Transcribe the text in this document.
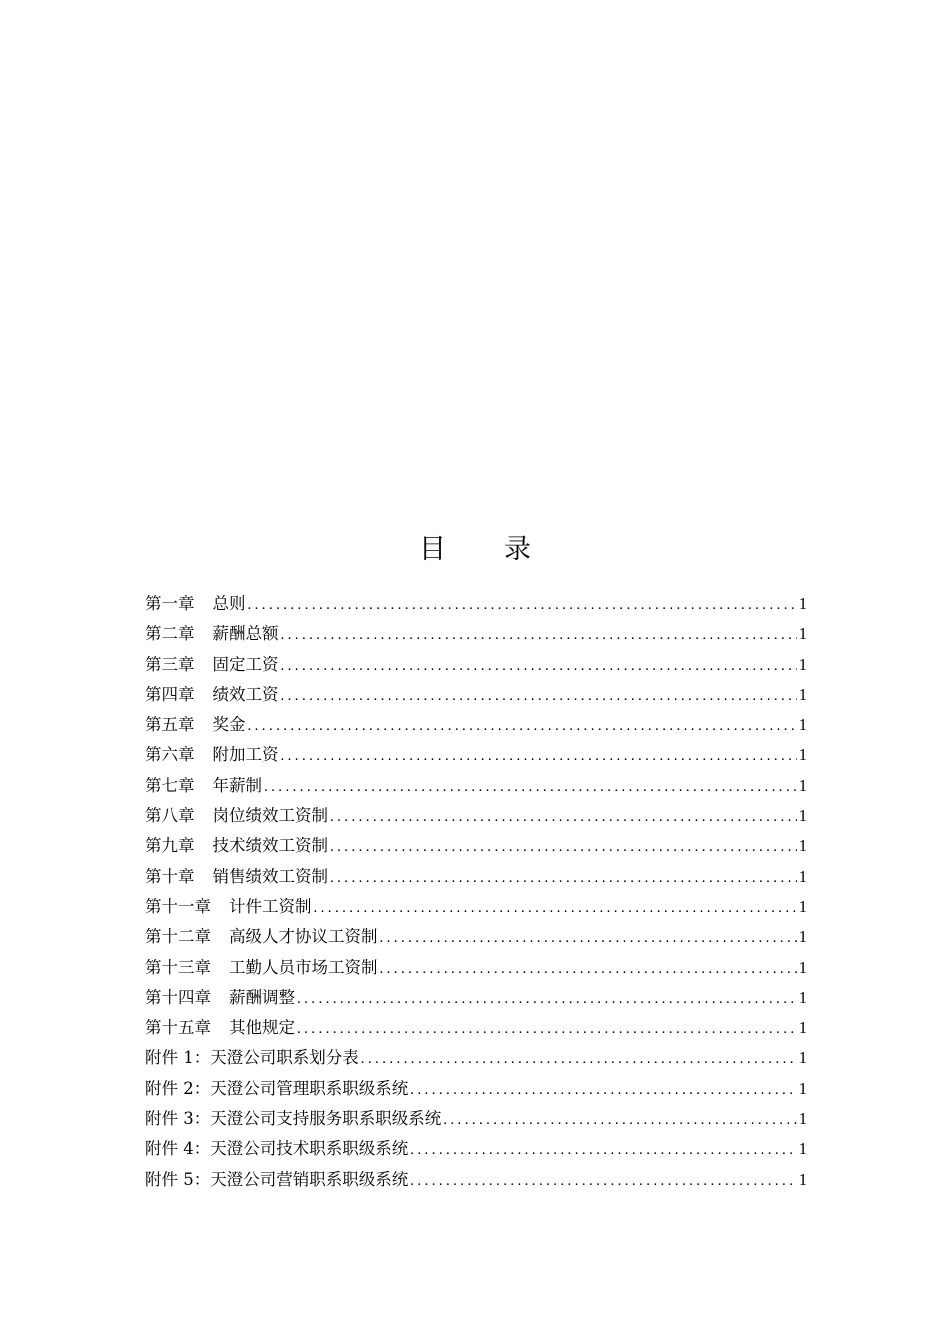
目 录
第一章 总则 .....	1
第二章 薪酬总额 .....	1
第三章 固定工资 .....	1
第四章 绩效工资 .....	1
第五章 奖金 .....	1
第六章 附加工资 .....	1
第七章 年薪制 .....	1
第八章 岗位绩效工资制 .....	1
第九章 技术绩效工资制 .....	1
第十章 销售绩效工资制 .....	1
第十一章 计件工资制 .....	1
第十二章 高级人才协议工资制 .....	1
第十三章 工勤人员市场工资制 .....	1
第十四章 薪酬调整 .....	1
第十五章 其他规定 .....	1
附件 1：天澄公司职系划分表 .....	1
附件 2：天澄公司管理职系职级系统 .....	1
附件 3：天澄公司支持服务职系职级系统 .....	1
附件 4：天澄公司技术职系职级系统 .....	1
附件 5：天澄公司营销职系职级系统 .....	1
